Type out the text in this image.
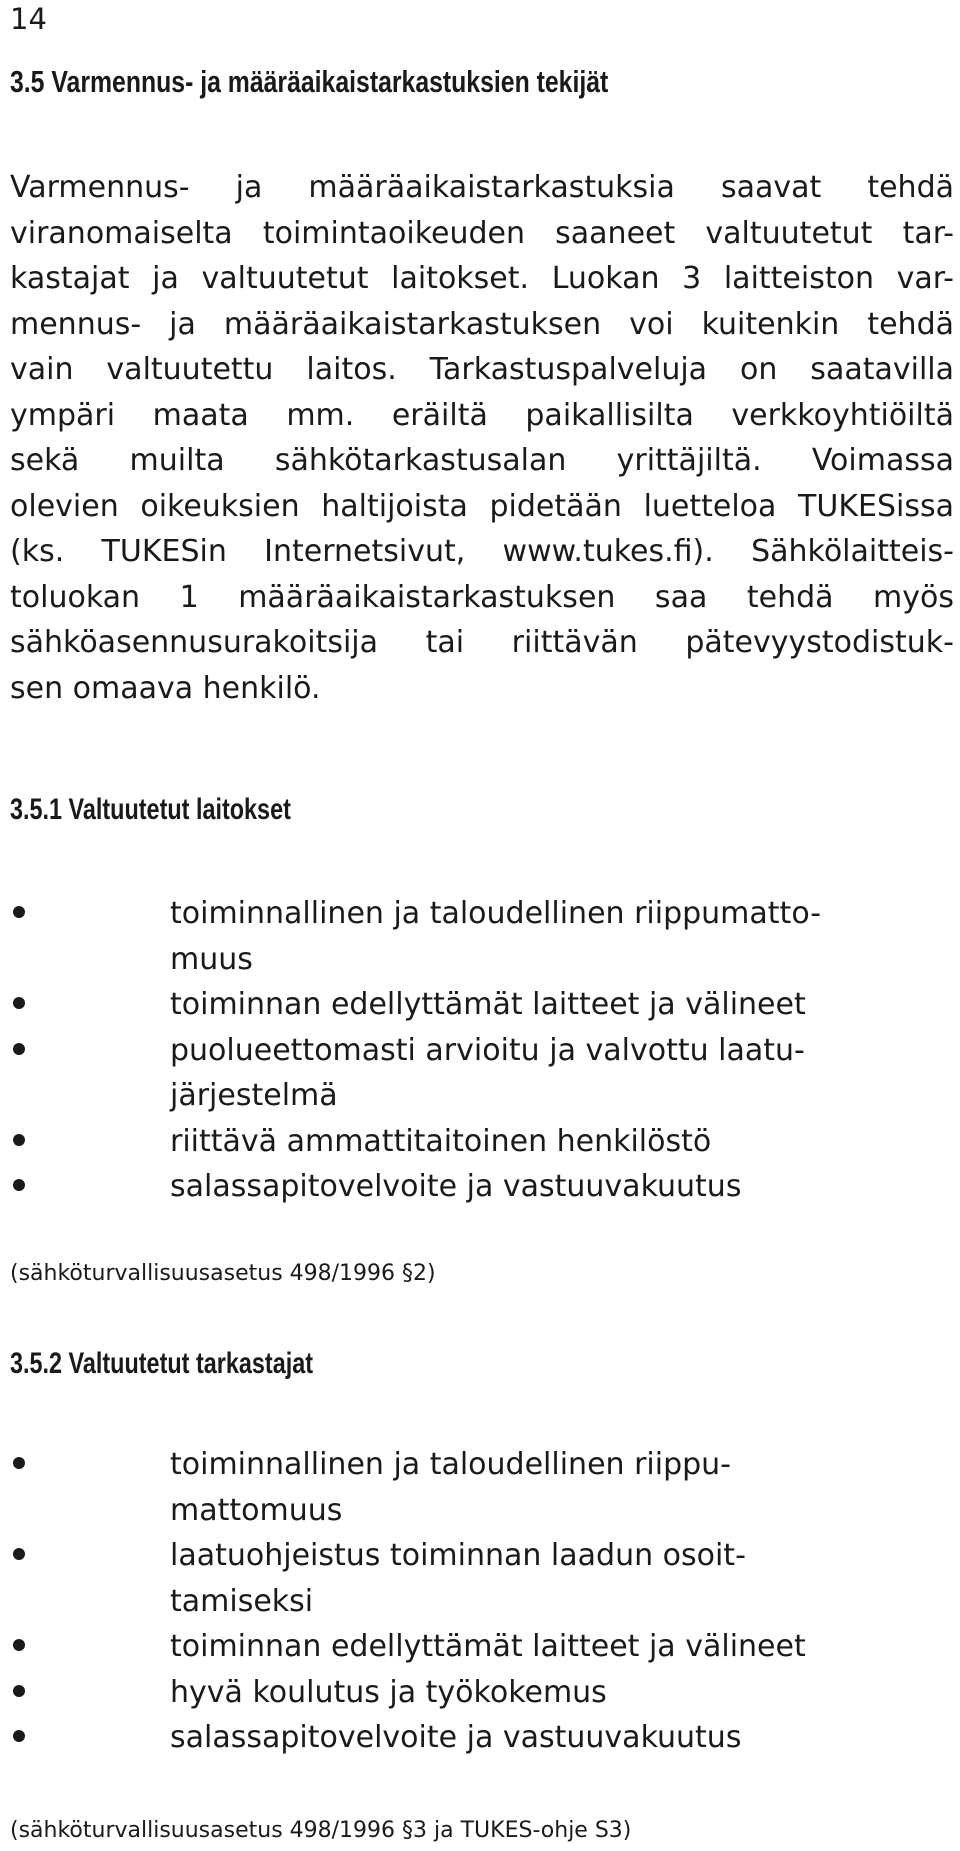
14

3.5 Varmennus- ja määräaikaistarkastuksien tekijät

Varmennus- ja määräaikaistarkastuksia saavat tehdä
viranomaiselta toimintaoikeuden saaneet valtuutetut tar-
kastajat ja valtuutetut laitokset. Luokan 3 laitteiston var-
mennus- ja määräaikaistarkastuksen voi kuitenkin tehdä
vain valtuutettu laitos. Tarkastuspalveluja on saatavilla
ympäri maata mm. eräiltä paikallisilta verkkoyhtiöiltä
sekä muilta sähkötarkastusalan yrittäjiltä. Voimassa
olevien oikeuksien haltijoista pidetään luetteloa TUKESissa
(ks. TUKESin Internetsivut, www.tukes.fi). Sähkölaitteis-
toluokan 1 määräaikaistarkastuksen saa tehdä myös
sähköasennusurakoitsija tai riittävän pätevyystodistuk-
sen omaava henkilö.

3.5.1 Valtuutetut laitokset
toiminnallinen ja taloudellinen riippumatto-muus
toiminnan edellyttämät laitteet ja välineet
puolueettomasti arvioitu ja valvottu laatu-järjestelmä
riittävä ammattitaitoinen henkilöstö
salassapitovelvoite ja vastuuvakuutus

(sähköturvallisuusasetus 498/1996 §2)

3.5.2 Valtuutetut tarkastajat
toiminnallinen ja taloudellinen riippu-mattomuus
laatuohjeistus toiminnan laadun osoit-tamiseksi
toiminnan edellyttämät laitteet ja välineet
hyvä koulutus ja työkokemus
salassapitovelvoite ja vastuuvakuutus

(sähköturvallisuusasetus 498/1996 §3 ja TUKES-ohje S3)
